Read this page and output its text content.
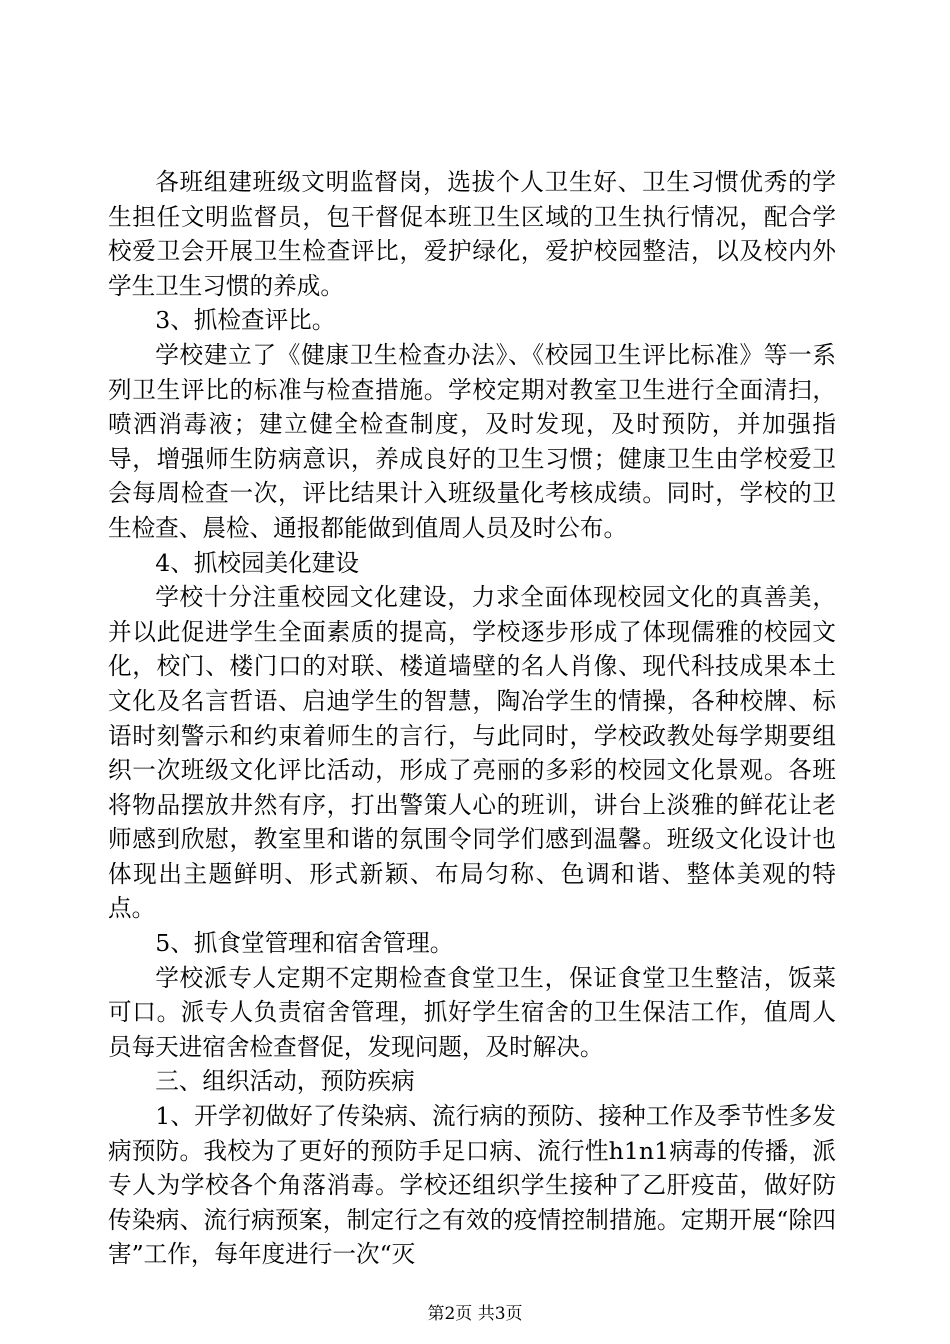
各班组建班级文明监督岗，选拔个人卫生好、卫生习惯优秀的学生担任文明监督员，包干督促本班卫生区域的卫生执行情况，配合学校爱卫会开展卫生检查评比，爱护绿化，爱护校园整洁，以及校内外学生卫生习惯的养成。

3、抓检查评比。

学校建立了《健康卫生检查办法》、《校园卫生评比标准》等一系列卫生评比的标准与检查措施。学校定期对教室卫生进行全面清扫，喷洒消毒液；建立健全检查制度，及时发现，及时预防，并加强指导，增强师生防病意识，养成良好的卫生习惯；健康卫生由学校爱卫会每周检查一次，评比结果计入班级量化考核成绩。同时，学校的卫生检查、晨检、通报都能做到值周人员及时公布。

4、抓校园美化建设

学校十分注重校园文化建设，力求全面体现校园文化的真善美，并以此促进学生全面素质的提高，学校逐步形成了体现儒雅的校园文化，校门、楼门口的对联、楼道墙壁的名人肖像、现代科技成果本土文化及名言哲语、启迪学生的智慧，陶冶学生的情操，各种校牌、标语时刻警示和约束着师生的言行，与此同时，学校政教处每学期要组织一次班级文化评比活动，形成了亮丽的多彩的校园文化景观。各班将物品摆放井然有序，打出警策人心的班训，讲台上淡雅的鲜花让老师感到欣慰，教室里和谐的氛围令同学们感到温馨。班级文化设计也体现出主题鲜明、形式新颖、布局匀称、色调和谐、整体美观的特点。

5、抓食堂管理和宿舍管理。

学校派专人定期不定期检查食堂卫生，保证食堂卫生整洁，饭菜可口。派专人负责宿舍管理，抓好学生宿舍的卫生保洁工作，值周人员每天进宿舍检查督促，发现问题，及时解决。

三、组织活动，预防疾病

1、开学初做好了传染病、流行病的预防、接种工作及季节性多发病预防。我校为了更好的预防手足口病、流行性h1n1病毒的传播，派专人为学校各个角落消毒。学校还组织学生接种了乙肝疫苗，做好防传染病、流行病预案，制定行之有效的疫情控制措施。定期开展“除四害”工作，每年度进行一次“灭

第2页 共3页
